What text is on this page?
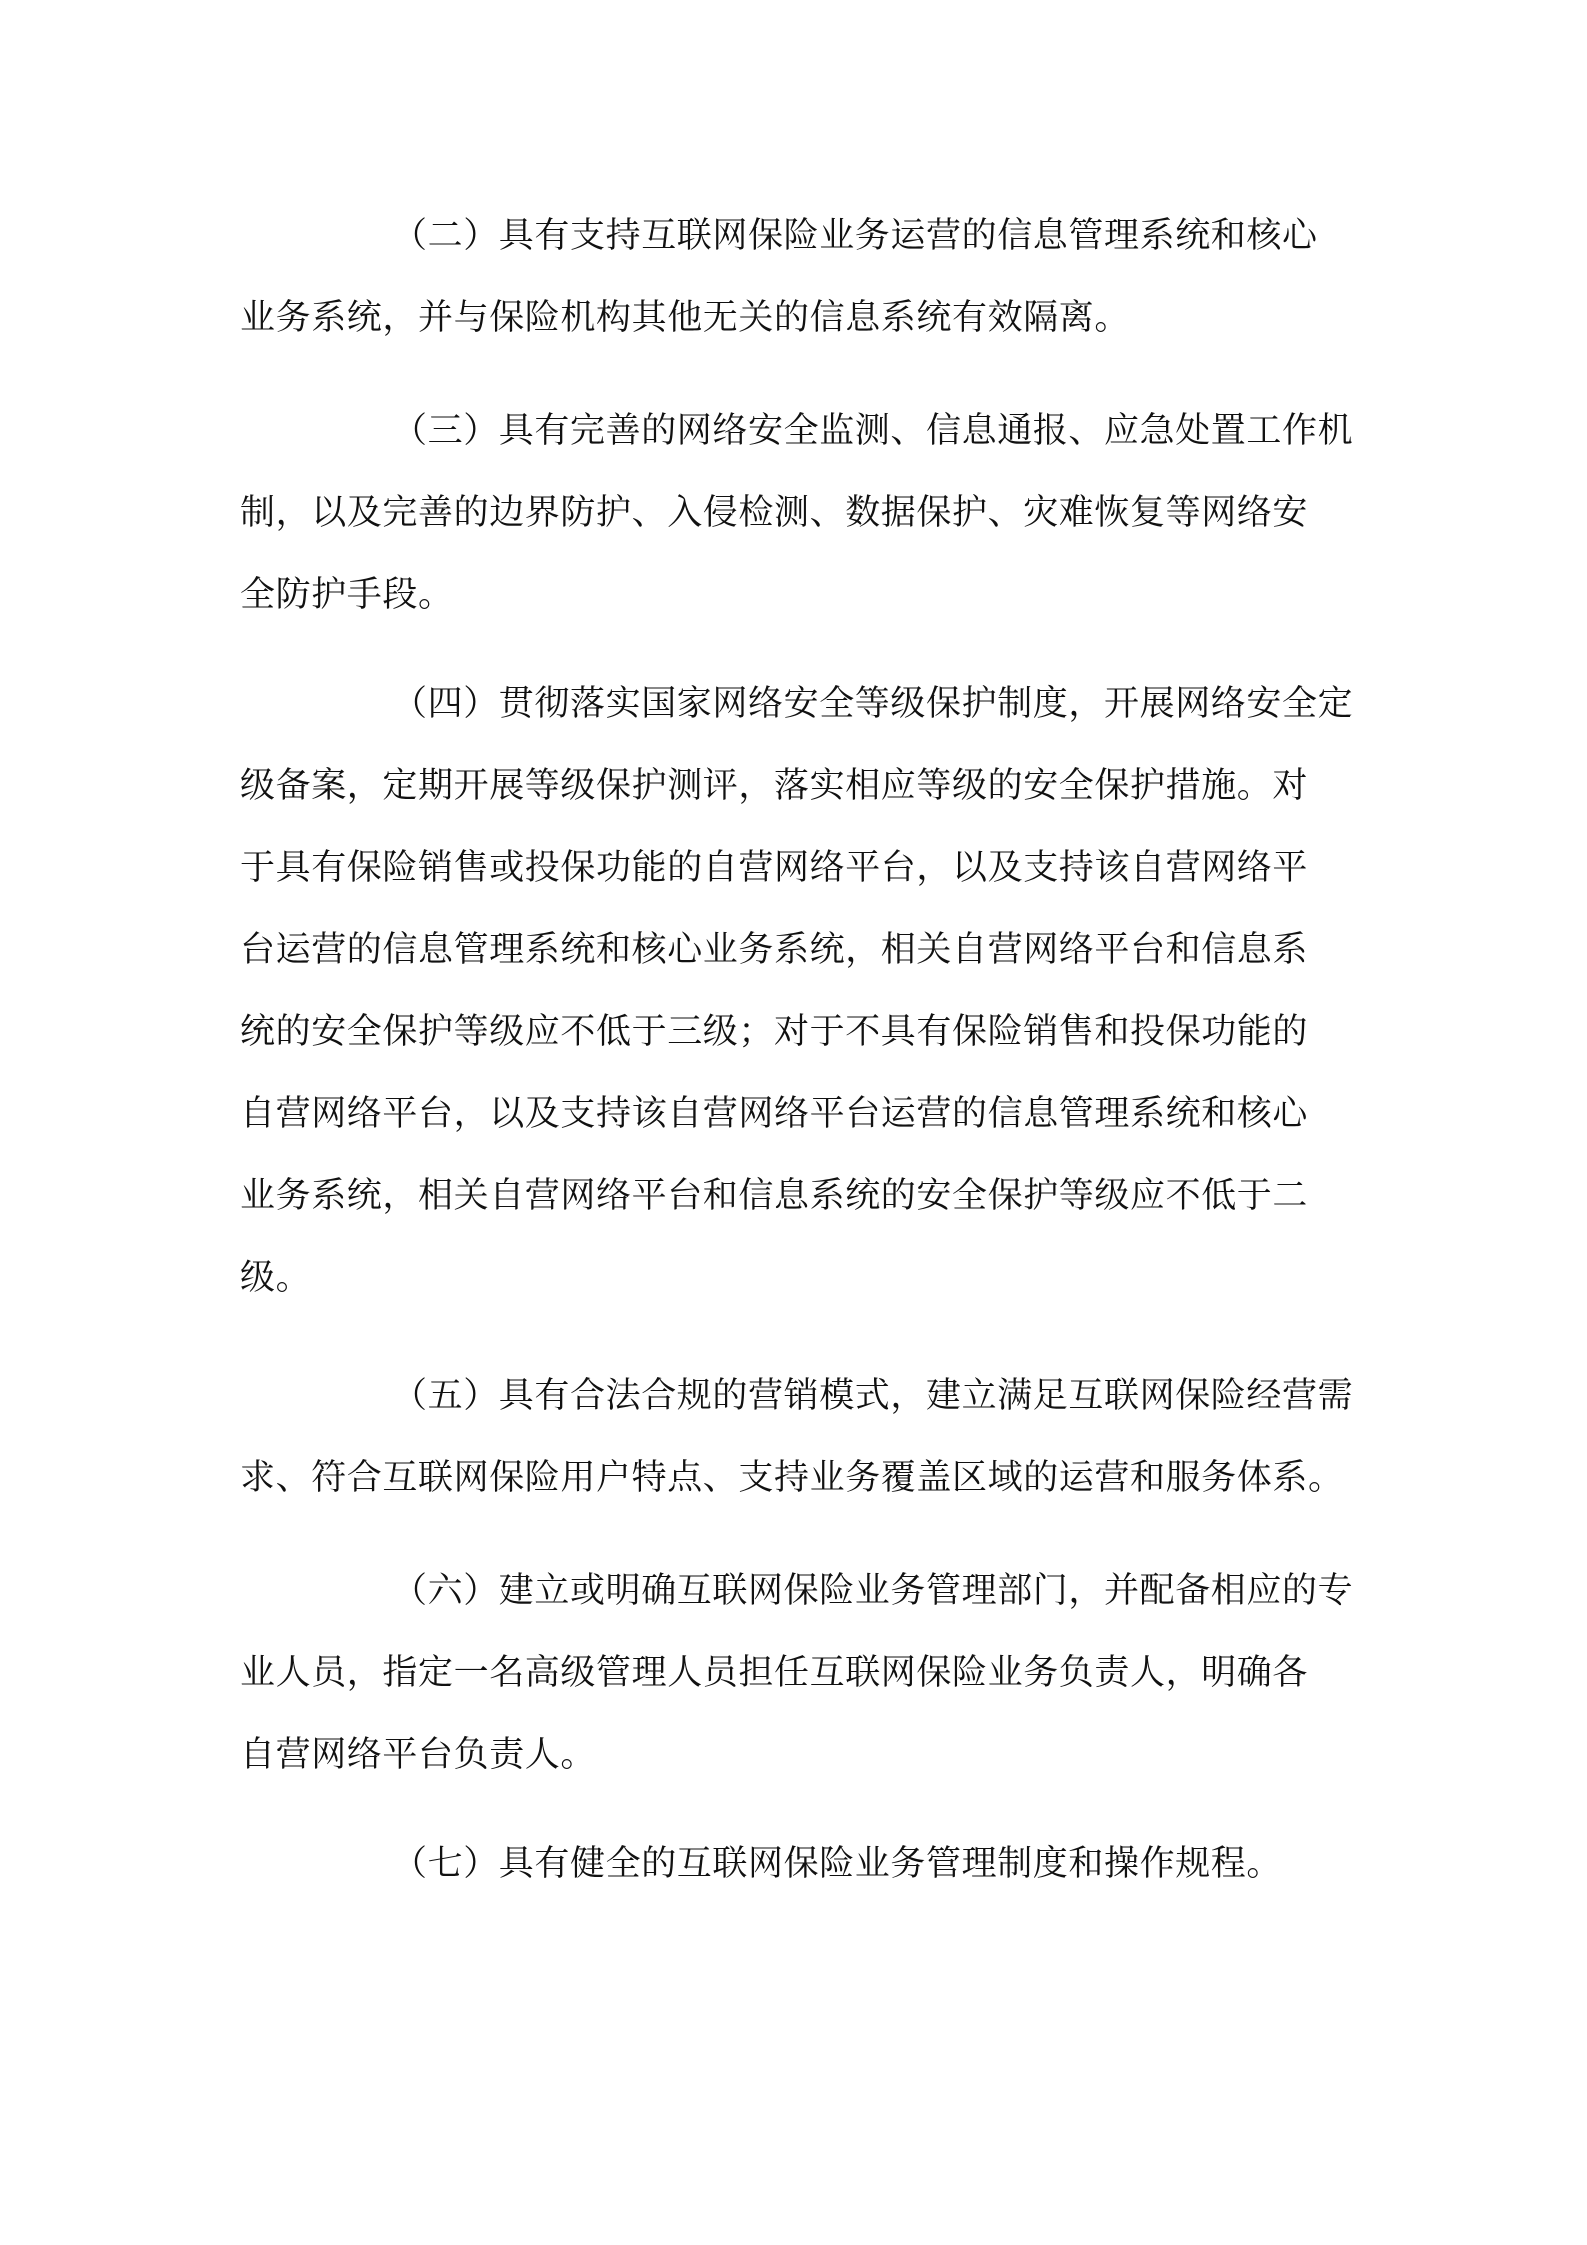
（二）具有支持互联网保险业务运营的信息管理系统和核心
业务系统，并与保险机构其他无关的信息系统有效隔离。
（三）具有完善的网络安全监测、信息通报、应急处置工作机
制，以及完善的边界防护、入侵检测、数据保护、灾难恢复等网络安
全防护手段。
（四）贯彻落实国家网络安全等级保护制度，开展网络安全定
级备案，定期开展等级保护测评，落实相应等级的安全保护措施。对
于具有保险销售或投保功能的自营网络平台，以及支持该自营网络平
台运营的信息管理系统和核心业务系统，相关自营网络平台和信息系
统的安全保护等级应不低于三级；对于不具有保险销售和投保功能的
自营网络平台，以及支持该自营网络平台运营的信息管理系统和核心
业务系统，相关自营网络平台和信息系统的安全保护等级应不低于二
级。
（五）具有合法合规的营销模式，建立满足互联网保险经营需
求、符合互联网保险用户特点、支持业务覆盖区域的运营和服务体系。
（六）建立或明确互联网保险业务管理部门，并配备相应的专
业人员，指定一名高级管理人员担任互联网保险业务负责人，明确各
自营网络平台负责人。
（七）具有健全的互联网保险业务管理制度和操作规程。
